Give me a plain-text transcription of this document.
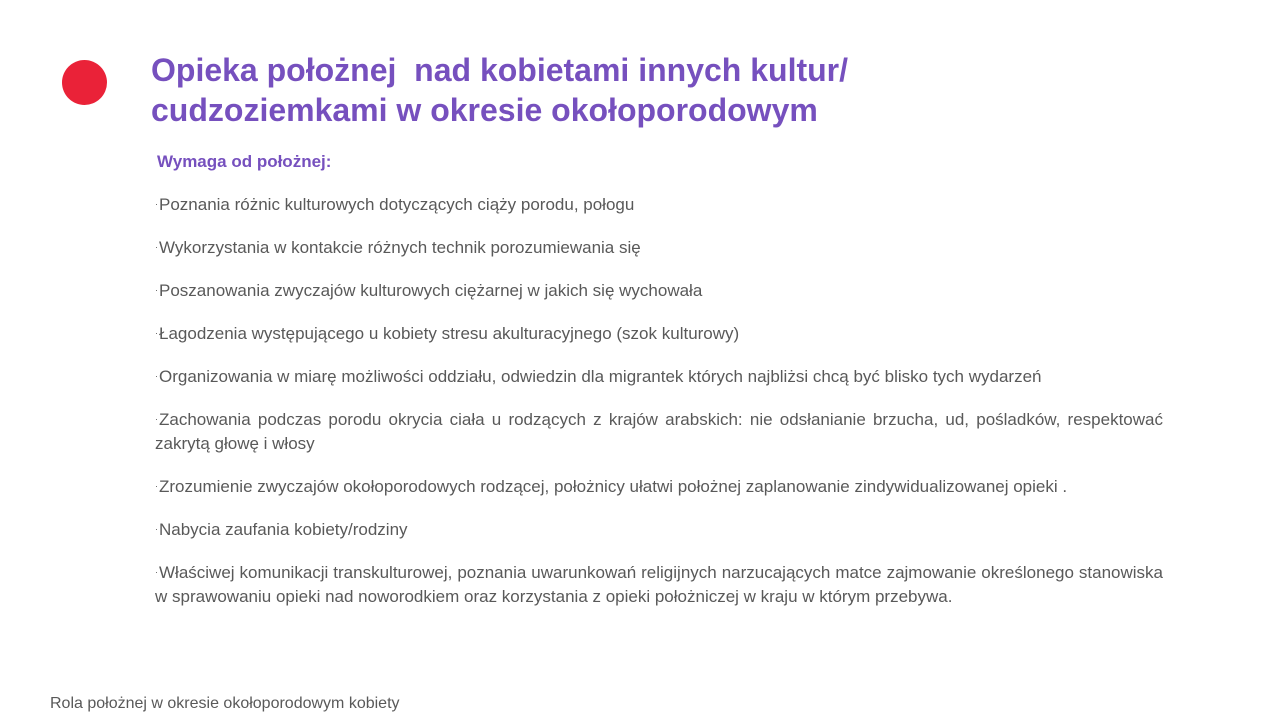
Opieka położnej  nad kobietami innych kultur/
cudzoziemkami w okresie okołoporodowym
Wymaga od położnej:
·Poznania różnic kulturowych dotyczących ciąży porodu, połogu
·Wykorzystania w kontakcie różnych technik porozumiewania się
·Poszanowania zwyczajów kulturowych ciężarnej w jakich się wychowała
·Łagodzenia występującego u kobiety stresu akulturacyjnego (szok kulturowy)
·Organizowania w miarę możliwości oddziału, odwiedzin dla migrantek których najbliżsi chcą być blisko tych wydarzeń
·Zachowania podczas porodu okrycia ciała u rodzących z krajów arabskich: nie odsłanianie brzucha, ud, pośladków, respektować zakrytą głowę i włosy
·Zrozumienie zwyczajów okołoporodowych rodzącej, położnicy ułatwi położnej zaplanowanie zindywidualizowanej opieki .
·Nabycia zaufania kobiety/rodziny
·Właściwej komunikacji transkulturowej, poznania uwarunkowań religijnych narzucających matce zajmowanie określonego stanowiska w sprawowaniu opieki nad noworodkiem oraz korzystania z opieki położniczej w kraju w którym przebywa.
Rola położnej w okresie okołoporodowym kobiety
